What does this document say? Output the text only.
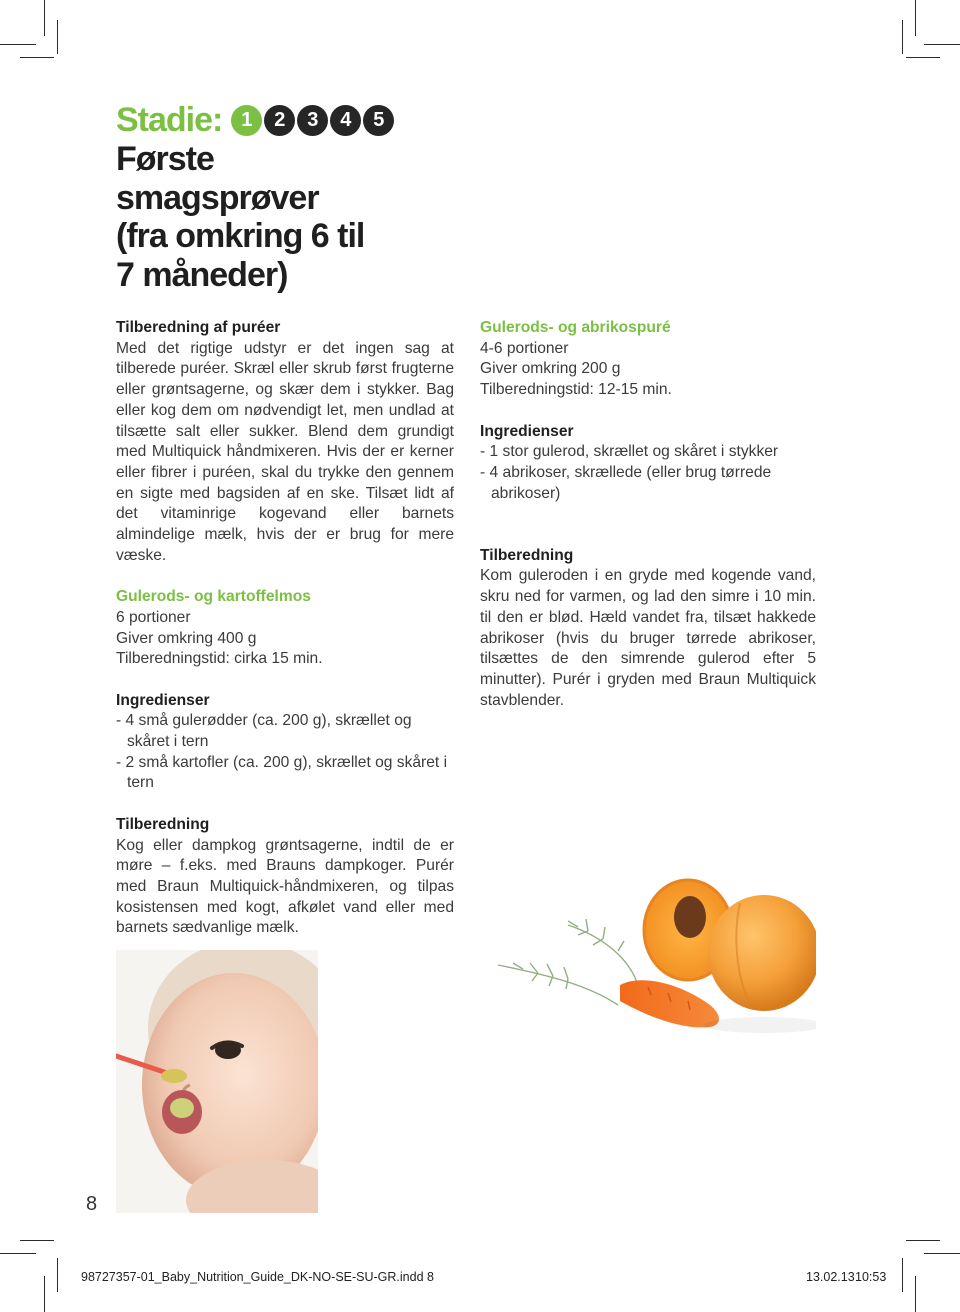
Stadie: 1	2	3	4	5
Første
smagsprøver
(fra omkring 6 til
7 måneder)

Tilberedning af puréer

Med det rigtige udstyr er det ingen sag at tilberede puréer. Skræl eller skrub først frugterne eller grøntsagerne, og skær dem i stykker. Bag eller kog dem om nødvendigt let, men undlad at tilsætte salt eller sukker. Blend dem grundigt med Multiquick håndmixeren. Hvis der er kerner eller fibrer i puréen, skal du trykke den gennem en sigte med bagsiden af en ske. Tilsæt lidt af det vitaminrige kogevand eller barnets almindelige mælk, hvis der er brug for mere væske.

Gulerods- og kartoffelmos

6 portioner

Giver omkring 400 g

Tilberedningstid: cirka 15 min.

Ingredienser

- 4 små gulerødder (ca. 200 g), skrællet og skåret i tern
- 2 små kartofler (ca. 200 g), skrællet og skåret i tern

Tilberedning

Kog eller dampkog grøntsagerne, indtil de er møre – f.eks. med Brauns dampkoger. Purér med Braun Multiquick-håndmixeren, og tilpas kosistensen med kogt, afkølet vand eller med barnets sædvanlige mælk.

Gulerods- og abrikospuré

4-6 portioner

Giver omkring 200 g

Tilberedningstid: 12-15 min.

Ingredienser

- 1 stor gulerod, skrællet og skåret i stykker
- 4 abrikoser, skrællede (eller brug tørrede abrikoser)

Tilberedning

Kom guleroden i en gryde med kogende vand, skru ned for varmen, og lad den simre i 10 min. til den er blød. Hæld vandet fra, tilsæt hakkede abrikoser (hvis du bruger tørrede abrikoser, tilsættes de den simrende gulerod efter 5 minutter). Purér i gryden med Braun Multiquick stavblender.

8
98727357-01_Baby_Nutrition_Guide_DK-NO-SE-SU-GR.indd 8	13.02.13 10:53
